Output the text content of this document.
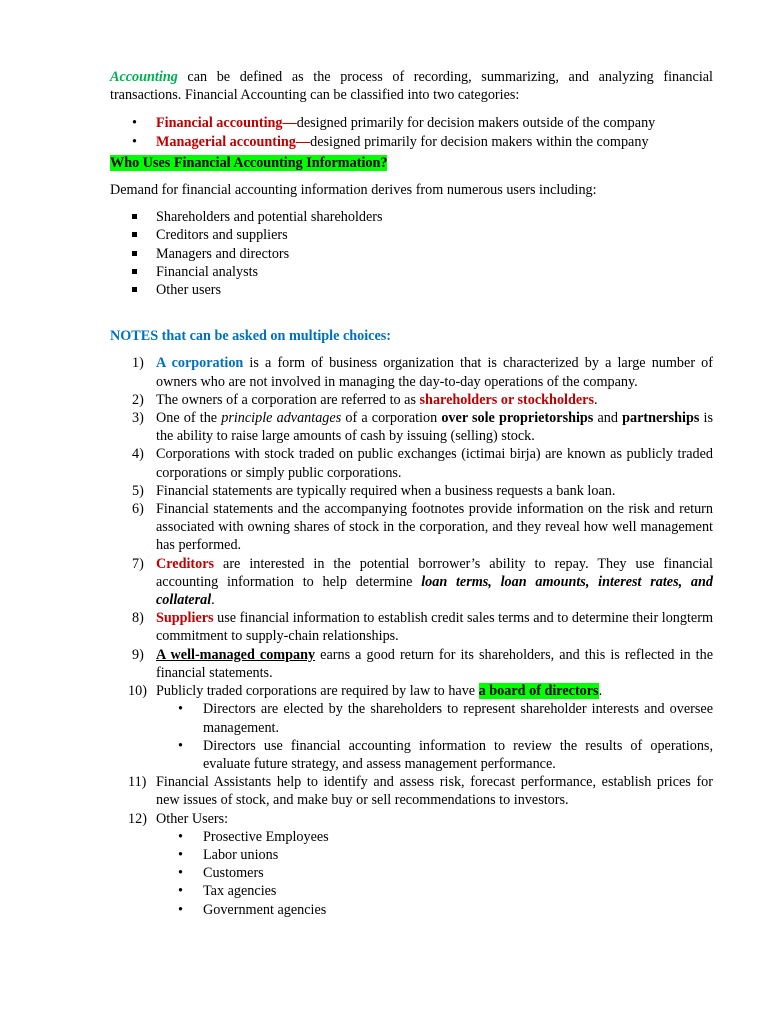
Accounting can be defined as the process of recording, summarizing, and analyzing financial transactions. Financial Accounting can be classified into two categories:

• Financial accounting—designed primarily for decision makers outside of the company
• Managerial accounting—designed primarily for decision makers within the company

Who Uses Financial Accounting Information?

Demand for financial accounting information derives from numerous users including:

Shareholders and potential shareholders
Creditors and suppliers
Managers and directors
Financial analysts
Other users

NOTES that can be asked on multiple choices:

1) A corporation is a form of business organization that is characterized by a large number of owners who are not involved in managing the day-to-day operations of the company.
2) The owners of a corporation are referred to as shareholders or stockholders.
3) One of the principle advantages of a corporation over sole proprietorships and partnerships is the ability to raise large amounts of cash by issuing (selling) stock.
4) Corporations with stock traded on public exchanges (ictimai birja) are known as publicly traded corporations or simply public corporations.
5) Financial statements are typically required when a business requests a bank loan.
6) Financial statements and the accompanying footnotes provide information on the risk and return associated with owning shares of stock in the corporation, and they reveal how well management has performed.
7) Creditors are interested in the potential borrower’s ability to repay. They use financial accounting information to help determine loan terms, loan amounts, interest rates, and collateral.
8) Suppliers use financial information to establish credit sales terms and to determine their longterm commitment to supply-chain relationships.
9) A well-managed company earns a good return for its shareholders, and this is reflected in the financial statements.
10) Publicly traded corporations are required by law to have a board of directors.
• Directors are elected by the shareholders to represent shareholder interests and oversee management.
• Directors use financial accounting information to review the results of operations, evaluate future strategy, and assess management performance.
11) Financial Assistants help to identify and assess risk, forecast performance, establish prices for new issues of stock, and make buy or sell recommendations to investors.
12) Other Users:
• Prosective Employees
• Labor unions
• Customers
• Tax agencies
• Government agencies
